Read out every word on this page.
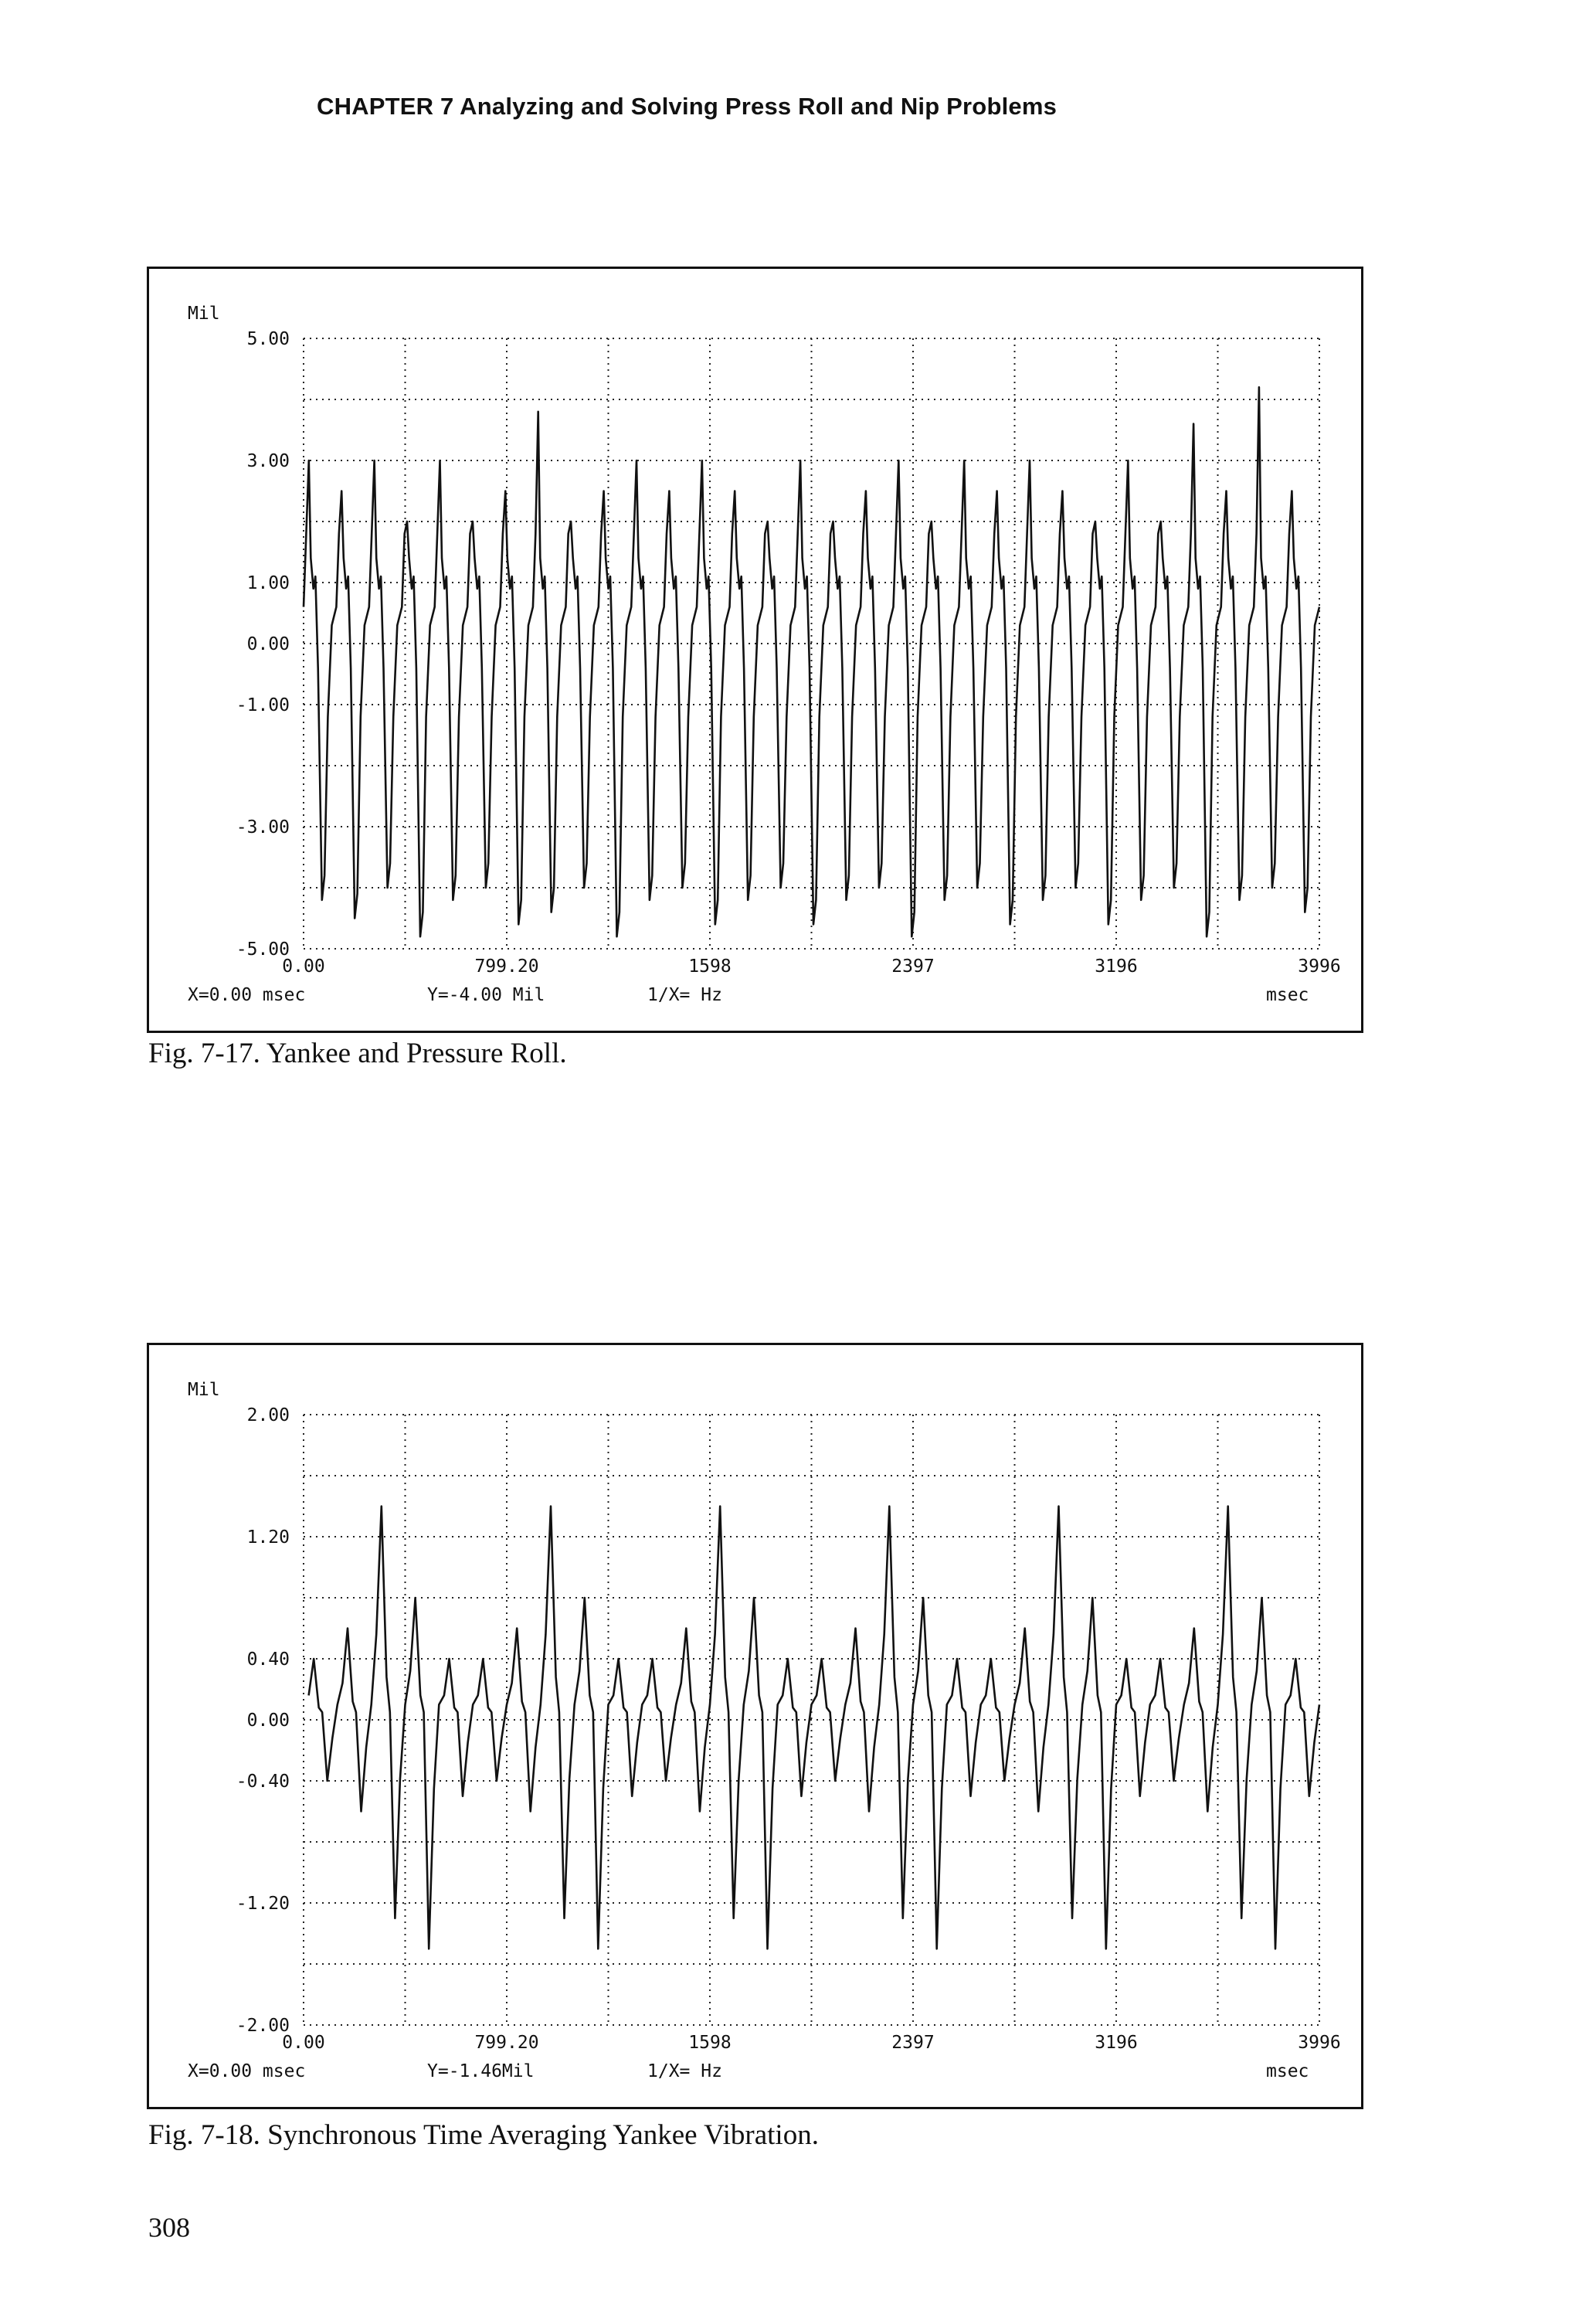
CHAPTER 7 Analyzing and Solving Press Roll and Nip Problems
5.00
3.00
1.00
0.00
-1.00
-3.00
-5.00
0.00	799.20	1598	2397	3196	3996
Mil
msec
X=0.00 msec	Y=-4.00 Mil	1/X= Hz
Fig. 7-17. Yankee and Pressure Roll.
2.00
1.20
0.40
0.00
-0.40
-1.20
-2.00
0.00	799.20	1598	2397	3196	3996
Mil
msec
X=0.00 msec	Y=-1.46Mil	1/X= Hz
Fig. 7-18. Synchronous Time Averaging Yankee Vibration.
308
